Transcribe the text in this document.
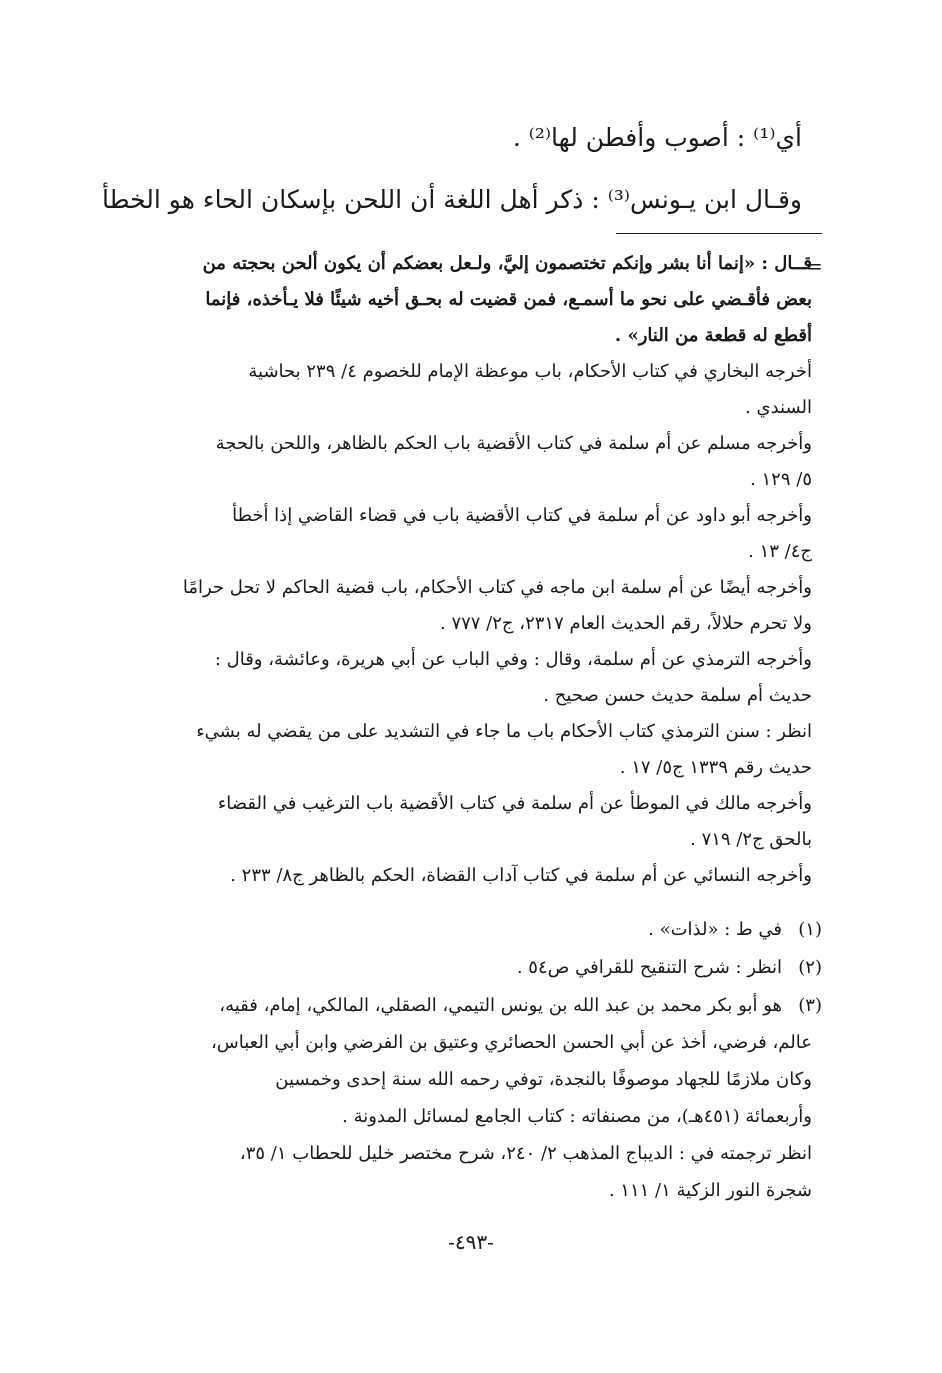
أي⁽¹⁾ : أصوب وأفطن لها⁽²⁾ .
وقـال ابن يـونس⁽³⁾ : ذكر أهل اللغة أن اللحن بإسكان الحاء هو الخطأ
=
قــال : «إنما أنا بشر وإنكم تختصمون إليَّ، ولـعل بعضكم أن يكون ألحن بحجته من
بعض فأقـضي على نحو ما أسمـع، فمن قضيت له بحـق أخيه شيئًا فلا يـأخذه، فإنما
أقطع له قطعة من النار» .
أخرجه البخاري في كتاب الأحكام، باب موعظة الإمام للخصوم ٤/ ٢٣٩ بحاشية
السندي .
وأخرجه مسلم عن أم سلمة في كتاب الأقضية باب الحكم بالظاهر، واللحن بالحجة
٥/ ١٢٩ .
وأخرجه أبو داود عن أم سلمة في كتاب الأقضية باب في قضاء القاضي إذا أخطأ
ج٤/ ١٣ .
وأخرجه أيضًا عن أم سلمة ابن ماجه في كتاب الأحكام، باب قضية الحاكم لا تحل حرامًا
ولا تحرم حلالاً، رقم الحديث العام ٢٣١٧، ج٢/ ٧٧٧ .
وأخرجه الترمذي عن أم سلمة، وقال : وفي الباب عن أبي هريرة، وعائشة، وقال :
حديث أم سلمة حديث حسن صحيح .
انظر : سنن الترمذي كتاب الأحكام باب ما جاء في التشديد على من يقضي له بشيء
حديث رقم ١٣٣٩ ج٥/ ١٧ .
وأخرجه مالك في الموطأ عن أم سلمة في كتاب الأقضية باب الترغيب في القضاء
بالحق ج٢/ ٧١٩ .
وأخرجه النسائي عن أم سلمة في كتاب آداب القضاة، الحكم بالظاهر ج٨/ ٢٣٣ .
(١)
في ط : «لذات» .
(٢)
انظر : شرح التنقيح للقرافي ص٥٤ .
(٣)
هو أبو بكر محمد بن عبد الله بن يونس التيمي، الصقلي، المالكي، إمام، فقيه،
عالم، فرضي، أخذ عن أبي الحسن الحصائري وعتيق بن الفرضي وابن أبي العباس،
وكان ملازمًا للجهاد موصوفًا بالنجدة، توفي رحمه الله سنة إحدى وخمسين
وأربعمائة (٤٥١هـ)، من مصنفاته : كتاب الجامع لمسائل المدونة .
انظر ترجمته في : الديباج المذهب ٢/ ٢٤٠، شرح مختصر خليل للحطاب ١/ ٣٥،
شجرة النور الزكية ١/ ١١١ .
-٤٩٣-
